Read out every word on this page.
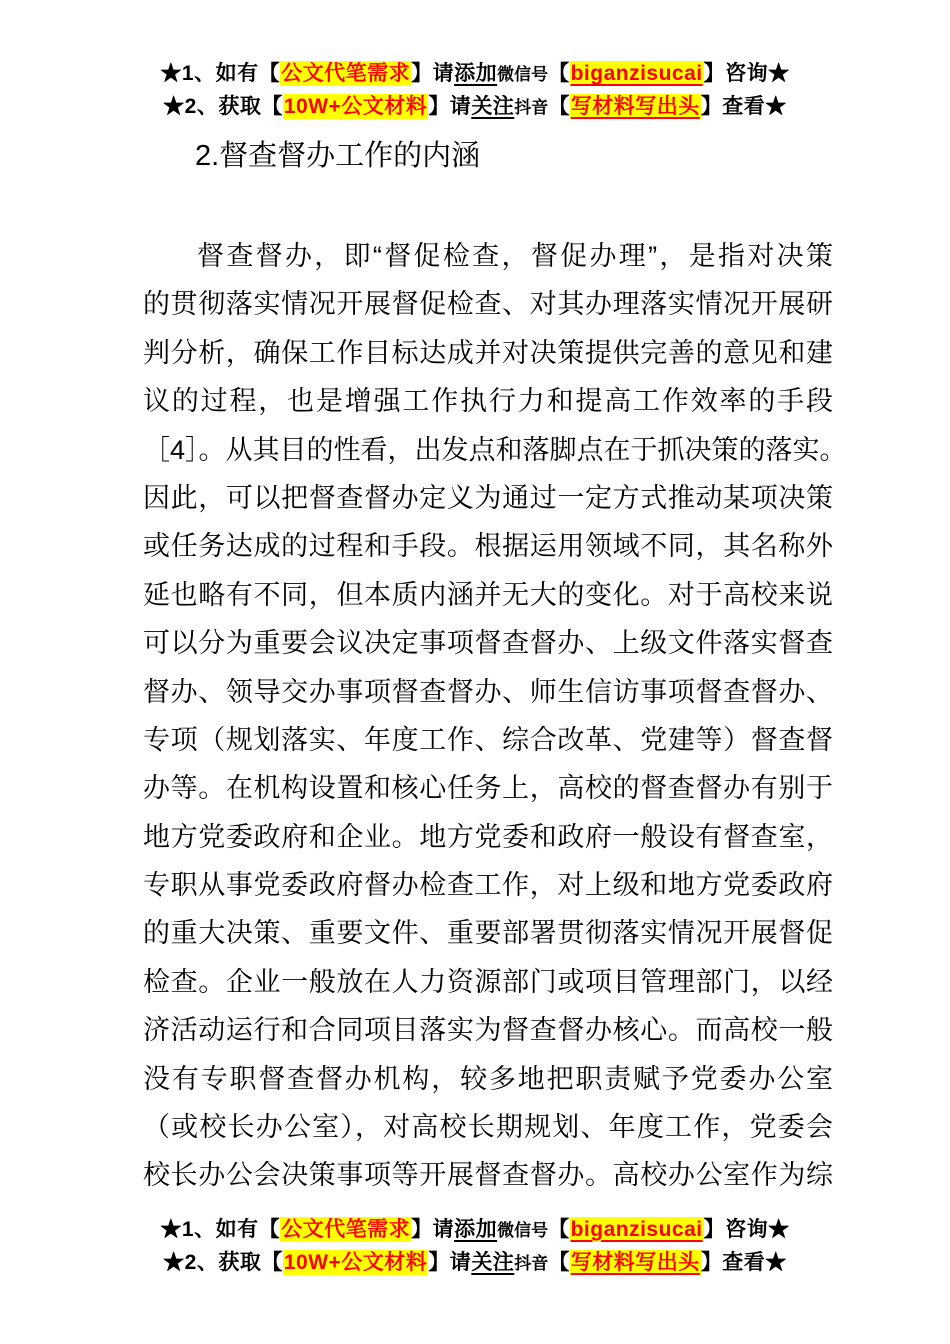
★1、如有【公文代笔需求】请添加微信号【biganzisucai】咨询★
★2、获取【10W+公文材料】请关注抖音【写材料写出头】查看★
2.督查督办工作的内涵
督查督办，即“督促检查，督促办理”，是指对决策
的贯彻落实情况开展督促检查、对其办理落实情况开展研
判分析，确保工作目标达成并对决策提供完善的意见和建
议的过程，也是增强工作执行力和提高工作效率的手段
［4］。从其目的性看，出发点和落脚点在于抓决策的落实。
因此，可以把督查督办定义为通过一定方式推动某项决策
或任务达成的过程和手段。根据运用领域不同，其名称外
延也略有不同，但本质内涵并无大的变化。对于高校来说
可以分为重要会议决定事项督查督办、上级文件落实督查
督办、领导交办事项督查督办、师生信访事项督查督办、
专项（规划落实、年度工作、综合改革、党建等）督查督
办等。在机构设置和核心任务上，高校的督查督办有别于
地方党委政府和企业。地方党委和政府一般设有督查室，
专职从事党委政府督办检查工作，对上级和地方党委政府
的重大决策、重要文件、重要部署贯彻落实情况开展督促
检查。企业一般放在人力资源部门或项目管理部门，以经
济活动运行和合同项目落实为督查督办核心。而高校一般
没有专职督查督办机构，较多地把职责赋予党委办公室
（或校长办公室），对高校长期规划、年度工作，党委会
校长办公会决策事项等开展督查督办。高校办公室作为综
★1、如有【公文代笔需求】请添加微信号【biganzisucai】咨询★
★2、获取【10W+公文材料】请关注抖音【写材料写出头】查看★
